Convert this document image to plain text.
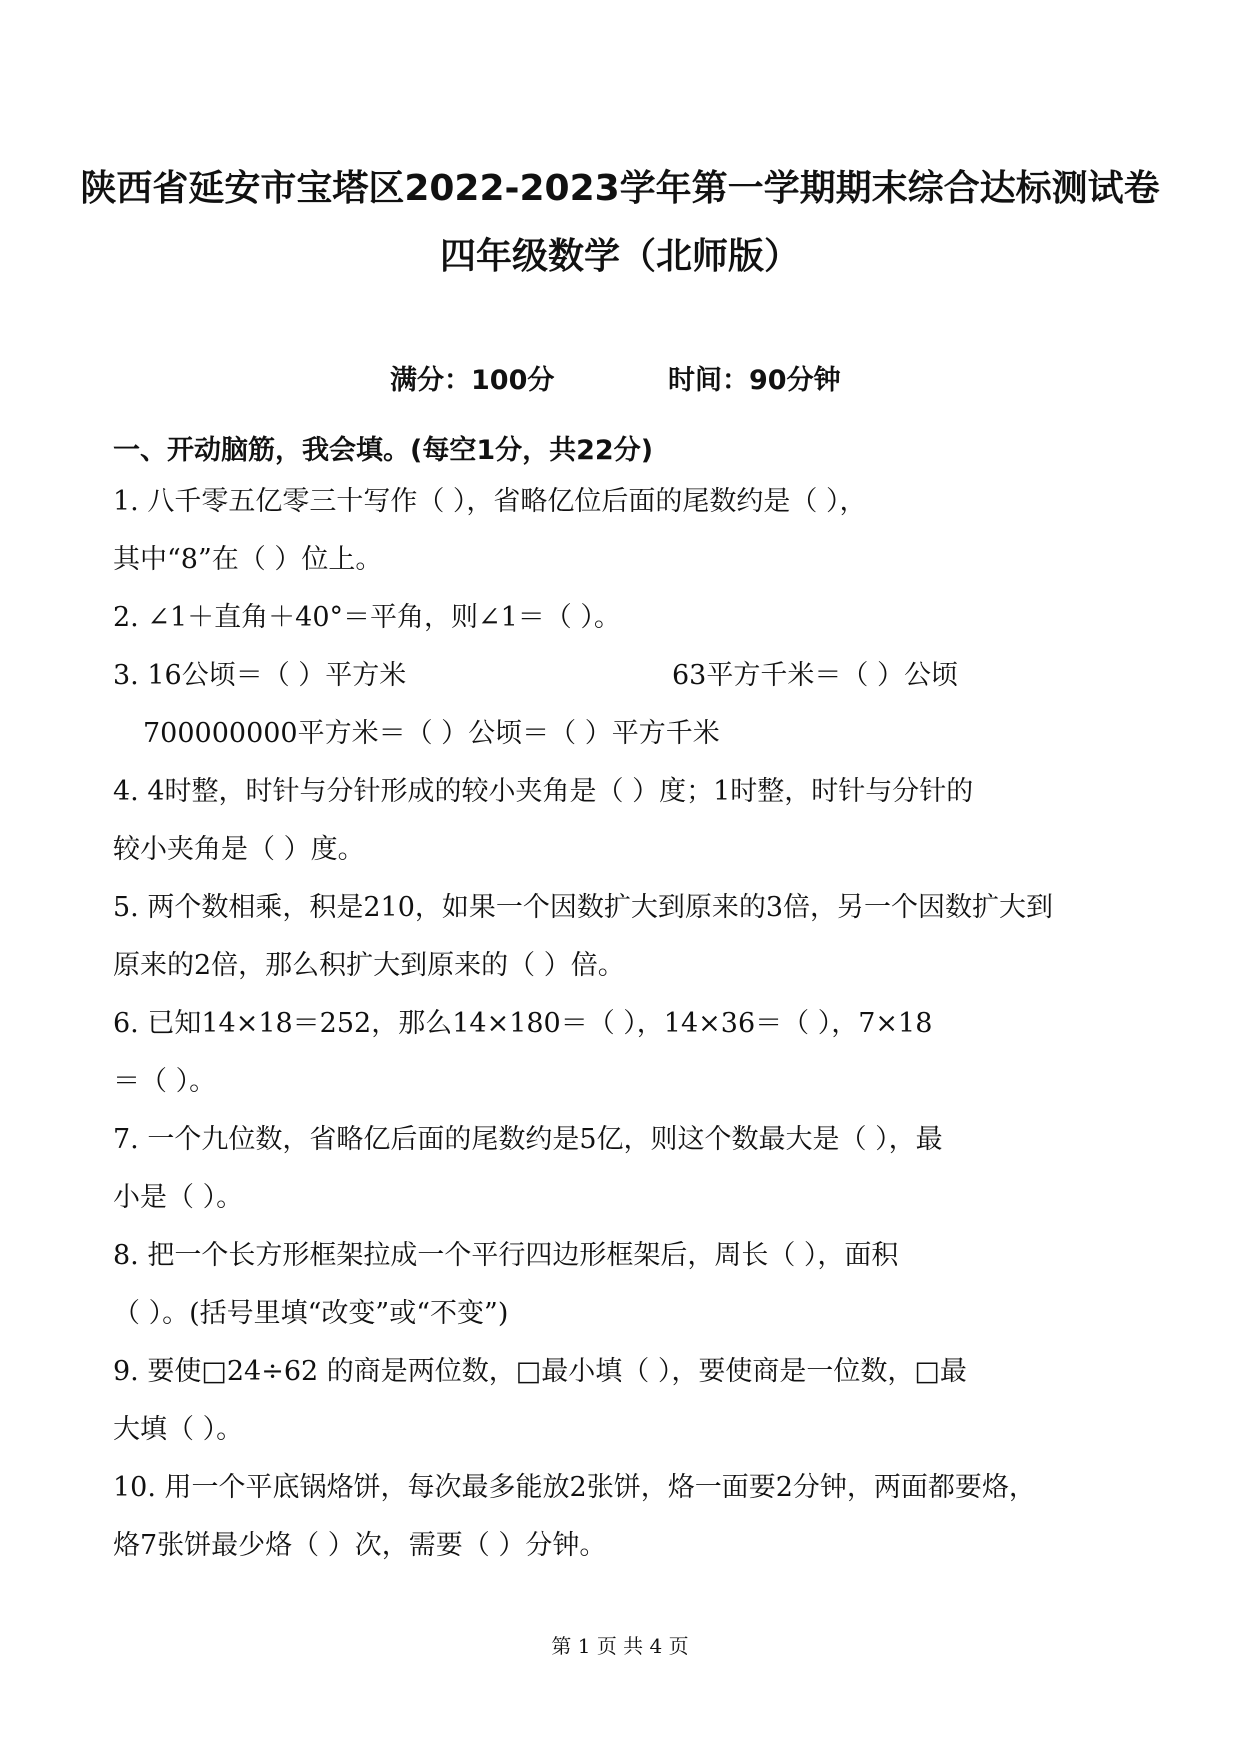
陕西省延安市宝塔区2022-2023学年第一学期期末综合达标测试卷
四年级数学（北师版）
满分：100分	时间：90分钟
一、开动脑筋，我会填。(每空1分，共22分)
1. 八千零五亿零三十写作（ ），省略亿位后面的尾数约是（ ），
其中“8”在（ ）位上。
2. ∠1＋直角＋40°＝平角，则∠1＝（ ）。
3. 16公顷＝（ ）平方米	63平方千米＝（ ）公顷
700000000平方米＝（ ）公顷＝（ ）平方千米
4. 4时整，时针与分针形成的较小夹角是（ ）度；1时整，时针与分针的
较小夹角是（ ）度。
5. 两个数相乘，积是210，如果一个因数扩大到原来的3倍，另一个因数扩大到
原来的2倍，那么积扩大到原来的（ ）倍。
6. 已知14×18＝252，那么14×180＝（ ），14×36＝（ ），7×18
＝（ ）。
7. 一个九位数，省略亿后面的尾数约是5亿，则这个数最大是（ ），最
小是（ ）。
8. 把一个长方形框架拉成一个平行四边形框架后，周长（ ），面积
（ ）。(括号里填“改变”或“不变”)
9. 要使□24÷62 的商是两位数，□最小填（ ），要使商是一位数，□最
大填（ ）。
10. 用一个平底锅烙饼，每次最多能放2张饼，烙一面要2分钟，两面都要烙，
烙7张饼最少烙（ ）次，需要（ ）分钟。
第 1 页 共 4 页
